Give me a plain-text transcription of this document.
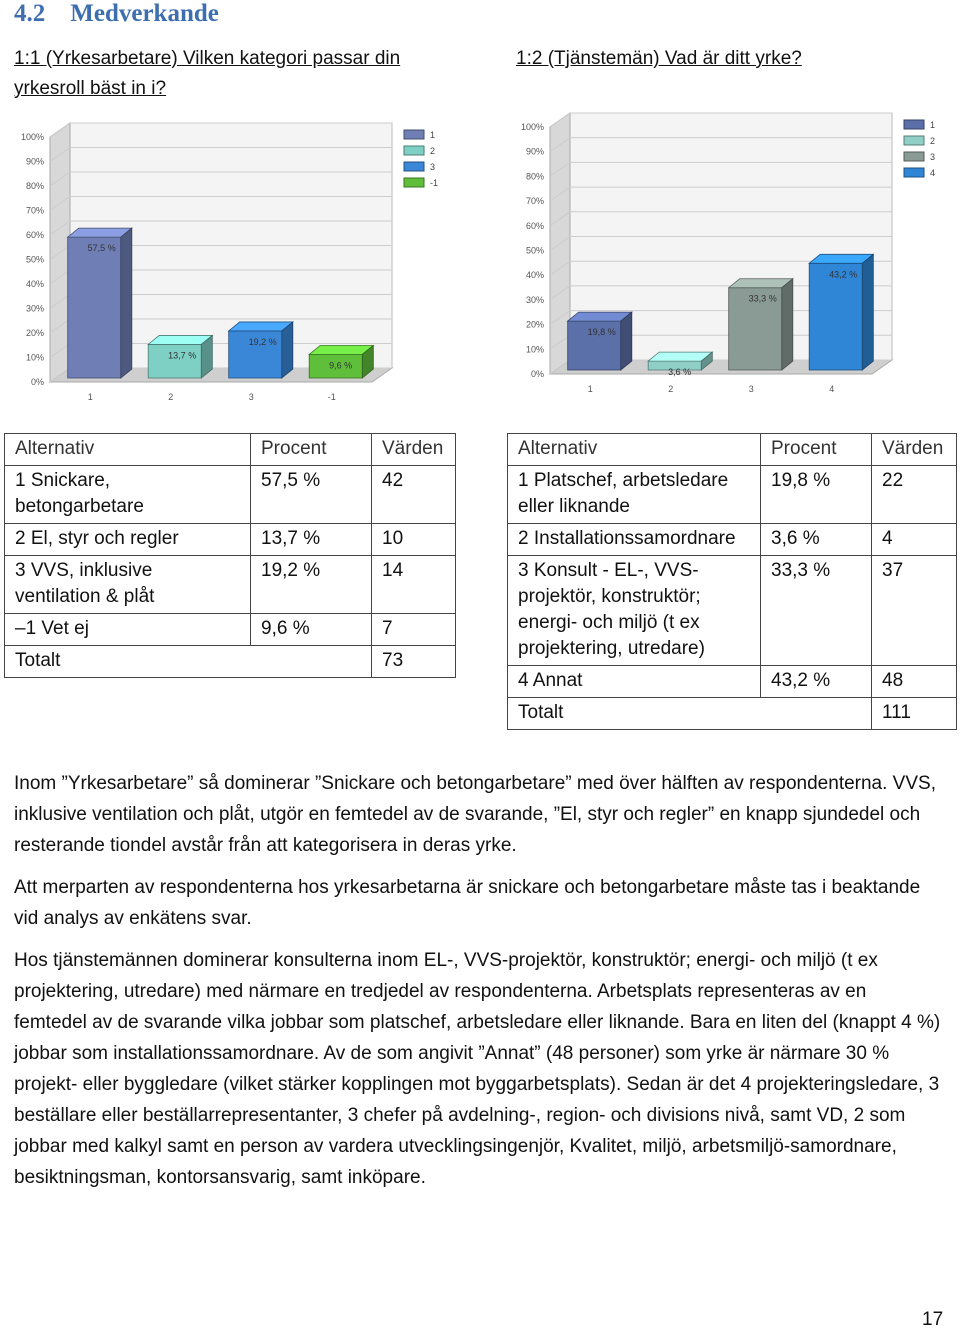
4.2    Medverkande
1:1 (Yrkesarbetare) Vilken kategori passar din yrkesroll bäst in i?
1:2 (Tjänstemän) Vad är ditt yrke?
0%
10%
20%
30%
40%
50%
60%
70%
80%
90%
100%
57,5 %
1
13,7 %
2
19,2 %
3
9,6 %
-1
1
2
3
-1
0%
10%
20%
30%
40%
50%
60%
70%
80%
90%
100%
19,8 %
1
3,6 %
2
33,3 %
3
43,2 %
4
1
2
3
4
Alternativ	Procent	Värden
1 Snickare, betongarbetare	57,5 %	42
2 El, styr och regler	13,7 %	10
3 VVS, inklusive ventilation & plåt	19,2 %	14
–1 Vet ej	9,6 %	7
Totalt		73
Alternativ	Procent	Värden
1 Platschef, arbetsledare eller liknande	19,8 %	22
2 Installationssamordnare	3,6 %	4
3 Konsult - EL-, VVS-projektör, konstruktör; energi- och miljö (t ex projektering, utredare)	33,3 %	37
4 Annat	43,2 %	48
Totalt		111
Inom ”Yrkesarbetare” så dominerar ”Snickare och betongarbetare” med över hälften av respondenterna. VVS, inklusive ventilation och plåt, utgör en femtedel av de svarande, ”El, styr och regler” en knapp sjundedel och resterande tiondel avstår från att kategorisera in deras yrke.
Att merparten av respondenterna hos yrkesarbetarna är snickare och betongarbetare måste tas i beaktande vid analys av enkätens svar.
Hos tjänstemännen dominerar konsulterna inom EL-, VVS-projektör, konstruktör; energi- och miljö (t ex projektering, utredare) med närmare en tredjedel av respondenterna. Arbetsplats representeras av en femtedel av de svarande vilka jobbar som platschef, arbetsledare eller liknande. Bara en liten del (knappt 4 %) jobbar som installationssamordnare. Av de som angivit ”Annat” (48 personer) som yrke är närmare 30 % projekt- eller byggledare (vilket stärker kopplingen mot byggarbetsplats). Sedan är det 4 projekteringsledare, 3 beställare eller beställarrepresentanter, 3 chefer på avdelning-, region- och divisions nivå, samt VD, 2 som jobbar med kalkyl samt en person av vardera utvecklingsingenjör, Kvalitet, miljö, arbetsmiljö-samordnare, besiktningsman, kontorsansvarig, samt inköpare.
17
